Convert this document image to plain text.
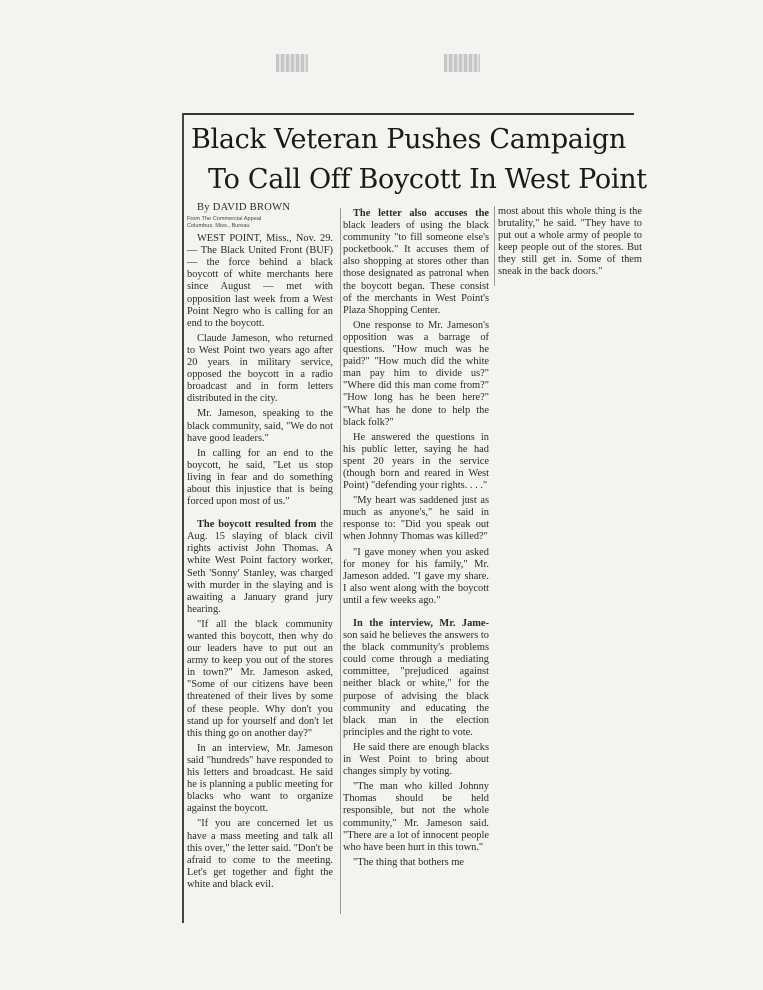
Black Veteran Pushes Campaign
To Call Off Boycott In West Point

By DAVID BROWN

From The Commercial Appeal
Columbus, Miss., Bureau

WEST POINT, Miss., Nov. 29. — The Black United Front (BUF) — the force behind a black boycott of white merchants here since August — met with opposition last week from a West Point Negro who is calling for an end to the boycott.

Claude Jameson, who returned to West Point two years ago after 20 years in military service, opposed the boycott in a radio broadcast and in form letters distributed in the city.

Mr. Jameson, speaking to the black community, said, "We do not have good leaders."

In calling for an end to the boycott, he said, "Let us stop living in fear and do something about this injustice that is being forced upon most of us."

The boycott resulted from the Aug. 15 slaying of black civil rights activist John Thomas. A white West Point factory worker, Seth 'Sonny' Stanley, was charged with murder in the slaying and is awaiting a January grand jury hearing.

"If all the black community wanted this boycott, then why do our leaders have to put out an army to keep you out of the stores in town?" Mr. Jameson asked, "Some of our citizens have been threatened of their lives by some of these people. Why don't you stand up for yourself and don't let this thing go on another day?"

In an interview, Mr. Jameson said "hundreds" have responded to his letters and broadcast. He said he is planning a public meeting for blacks who want to organize against the boycott.

"If you are concerned let us have a mass meeting and talk all this over," the letter said. "Don't be afraid to come to the meeting. Let's get together and fight the white and black evil.

The letter also accuses the black leaders of using the black community "to fill someone else's pocketbook." It accuses them of also shopping at stores other than those designated as patronal when the boycott began. These consist of the merchants in West Point's Plaza Shopping Center.

One response to Mr. Jameson's opposition was a barrage of questions. "How much was he paid?" "How much did the white man pay him to divide us?" "Where did this man come from?" "How long has he been here?" "What has he done to help the black folk?"

He answered the questions in his public letter, saying he had spent 20 years in the service (though born and reared in West Point) "defending your rights. . . ."

"My heart was saddened just as much as anyone's," he said in response to: "Did you speak out when Johnny Thomas was killed?"

"I gave money when you asked for money for his family," Mr. Jameson added. "I gave my share. I also went along with the boycott until a few weeks ago."

In the interview, Mr. Jame- son said he believes the answers to the black community's problems could come through a mediating committee, "prejudiced against neither black or white," for the purpose of advising the black community and educating the black man in the election principles and the right to vote.

He said there are enough blacks in West Point to bring about changes simply by voting.

"The man who killed Johnny Thomas should be held responsible, but not the whole community," Mr. Jameson said. "There are a lot of innocent people who have been hurt in this town."

"The thing that bothers me

most about this whole thing is the brutality," he said. "They have to put out a whole army of people to keep people out of the stores. But they still get in. Some of them sneak in the back doors."
